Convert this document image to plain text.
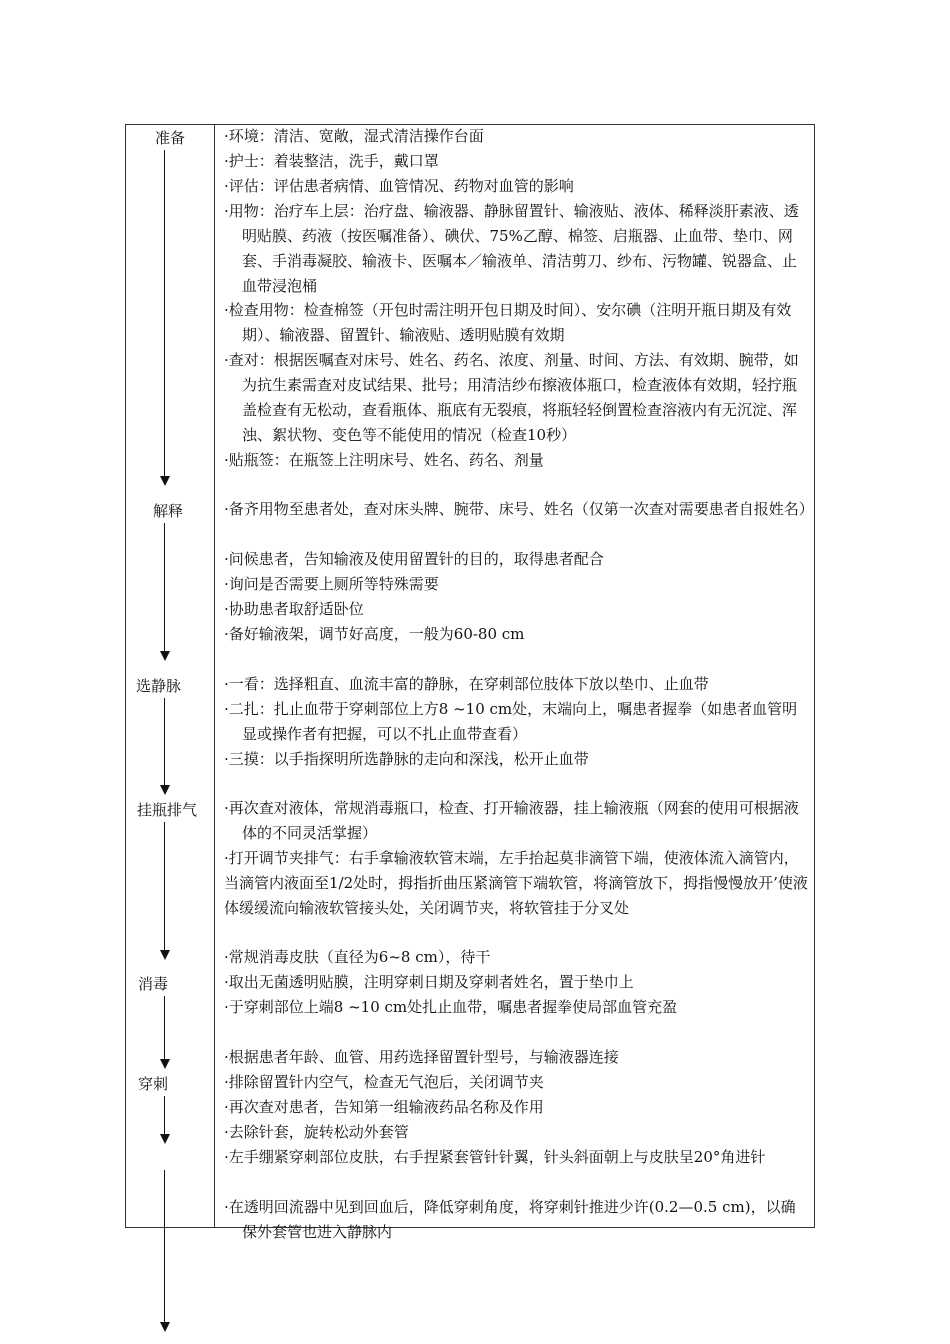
准备
解释
选静脉
挂瓶排气
消毒
穿刺
·环境：清洁、宽敞，湿式清洁操作台面
·护士：着装整洁，洗手，戴口罩
·评估：评估患者病情、血管情况、药物对血管的影响
·用物：治疗车上层：治疗盘、输液器、静脉留置针、输液贴、液体、稀释淡肝素液、透明贴膜、药液（按医嘱准备）、碘伏、75%乙醇、棉签、启瓶器、止血带、垫巾、网套、手消毒凝胶、输液卡、医嘱本／输液单、清洁剪刀、纱布、污物罐、锐器盒、止血带浸泡桶
·检查用物：检查棉签（开包时需注明开包日期及时间）、安尔碘（注明开瓶日期及有效期）、输液器、留置针、输液贴、透明贴膜有效期
·查对：根据医嘱查对床号、姓名、药名、浓度、剂量、时间、方法、有效期、腕带，如为抗生素需查对皮试结果、批号；用清洁纱布擦液体瓶口，检查液体有效期，轻拧瓶盖检查有无松动，查看瓶体、瓶底有无裂痕，将瓶轻轻倒置检查溶液内有无沉淀、浑浊、絮状物、变色等不能使用的情况（检查10秒）
·贴瓶签：在瓶签上注明床号、姓名、药名、剂量
·备齐用物至患者处，查对床头牌、腕带、床号、姓名（仅第一次查对需要患者自报姓名）
·问候患者，告知输液及使用留置针的目的，取得患者配合
·询问是否需要上厕所等特殊需要
·协助患者取舒适卧位
·备好输液架，调节好高度，一般为60-80 cm
·一看：选择粗直、血流丰富的静脉，在穿刺部位肢体下放以垫巾、止血带
·二扎：扎止血带于穿刺部位上方8 ~10 cm处，末端向上，嘱患者握拳（如患者血管明显或操作者有把握，可以不扎止血带查看）
·三摸：以手指探明所选静脉的走向和深浅，松开止血带
·再次查对液体，常规消毒瓶口，检查、打开输液器，挂上输液瓶（网套的使用可根据液体的不同灵活掌握）
·打开调节夹排气：右手拿输液软管末端，左手抬起莫非滴管下端，使液体流入滴管内，当滴管内液面至1/2处时，拇指折曲压紧滴管下端软管，将滴管放下，拇指慢慢放开’使液体缓缓流向输液软管接头处，关闭调节夹，将软管挂于分叉处
·常规消毒皮肤（直径为6~8 cm），待干
·取出无菌透明贴膜，注明穿刺日期及穿刺者姓名，置于垫巾上
·于穿刺部位上端8 ~10 cm处扎止血带，嘱患者握拳使局部血管充盈
·根据患者年龄、血管、用药选择留置针型号，与输液器连接
·排除留置针内空气，检查无气泡后，关闭调节夹
·再次查对患者，告知第一组输液药品名称及作用
·去除针套，旋转松动外套管
·左手绷紧穿刺部位皮肤，右手捏紧套管针针翼，针头斜面朝上与皮肤呈20°角进针
·在透明回流器中见到回血后，降低穿刺角度，将穿刺针推进少许(0.2—0.5 cm)，以确保外套管也进入静脉内
